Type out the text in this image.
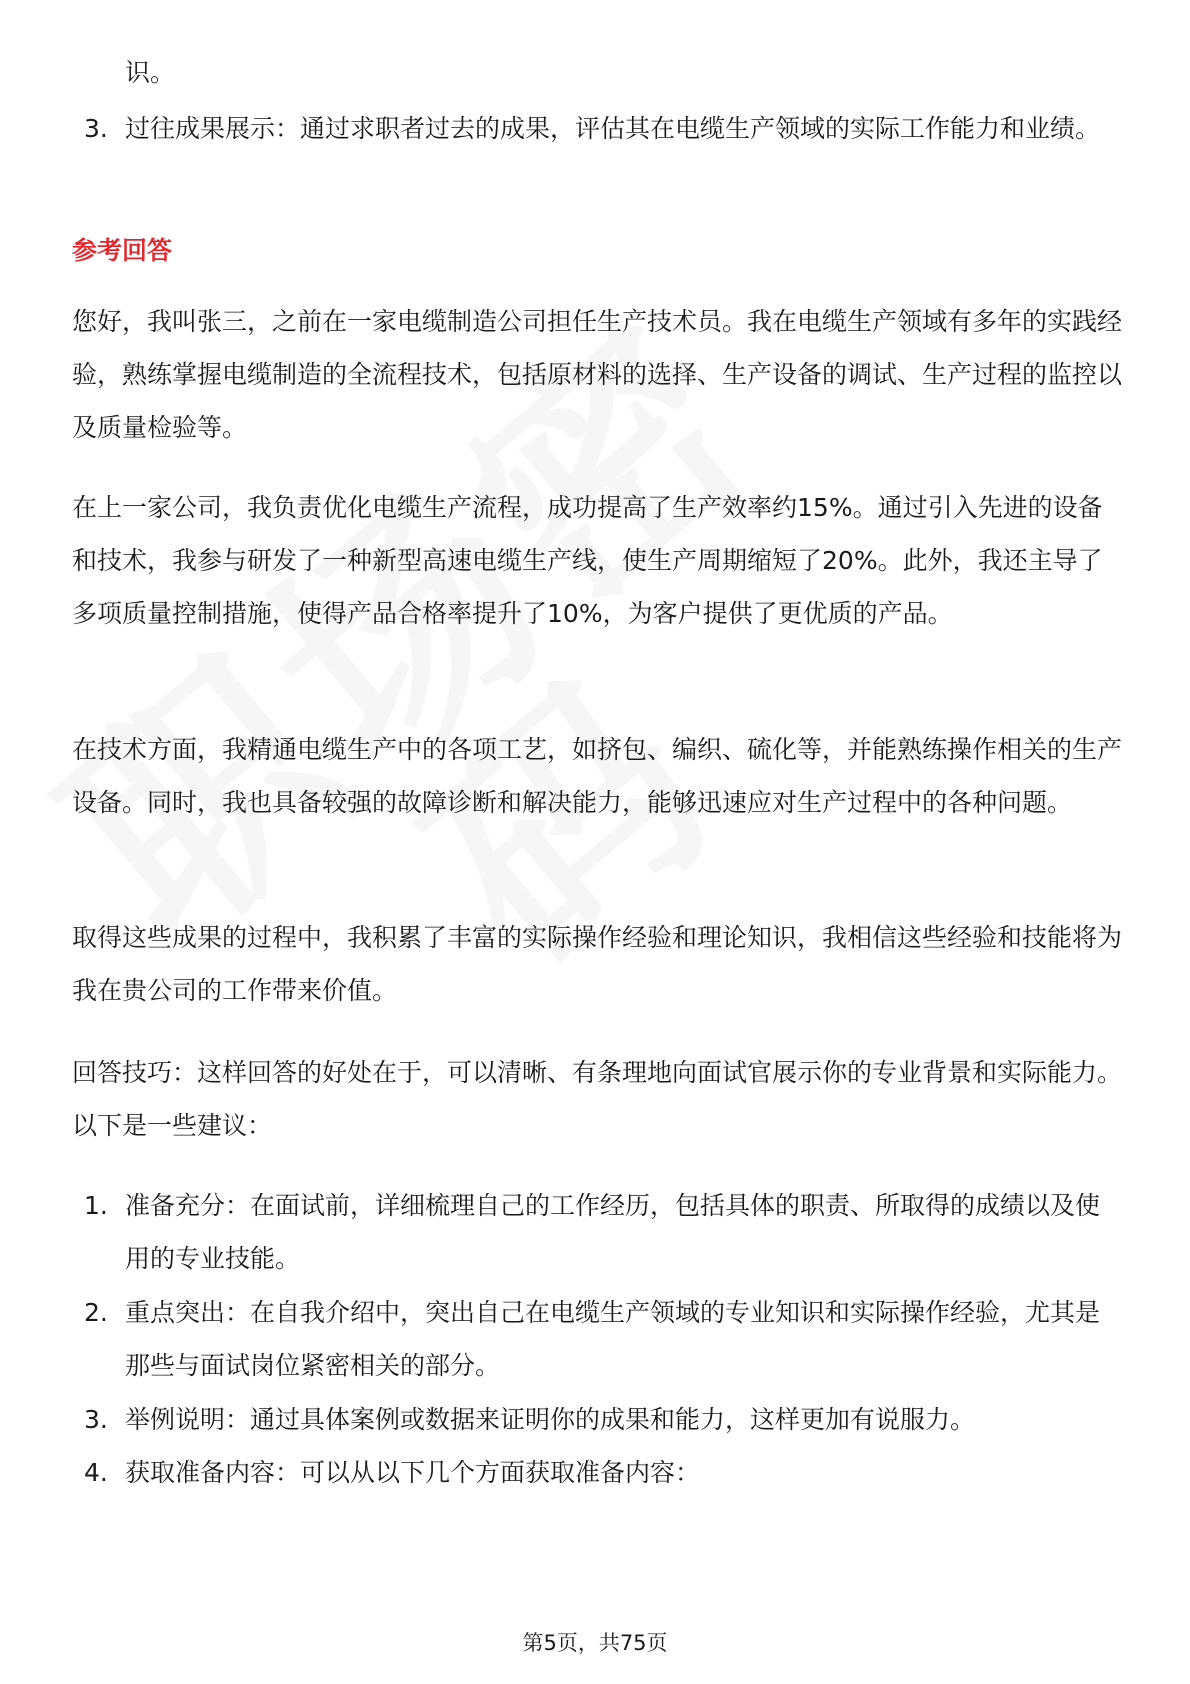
识。

3. 过往成果展示：通过求职者过去的成果，评估其在电缆生产领域的实际工作能力和业绩。

参考回答

您好，我叫张三，之前在一家电缆制造公司担任生产技术员。我在电缆生产领域有多年的实践经验，熟练掌握电缆制造的全流程技术，包括原材料的选择、生产设备的调试、生产过程的监控以及质量检验等。

在上一家公司，我负责优化电缆生产流程，成功提高了生产效率约15%。通过引入先进的设备和技术，我参与研发了一种新型高速电缆生产线，使生产周期缩短了20%。此外，我还主导了多项质量控制措施，使得产品合格率提升了10%，为客户提供了更优质的产品。

在技术方面，我精通电缆生产中的各项工艺，如挤包、编织、硫化等，并能熟练操作相关的生产设备。同时，我也具备较强的故障诊断和解决能力，能够迅速应对生产过程中的各种问题。

取得这些成果的过程中，我积累了丰富的实际操作经验和理论知识，我相信这些经验和技能将为我在贵公司的工作带来价值。

回答技巧：这样回答的好处在于，可以清晰、有条理地向面试官展示你的专业背景和实际能力。以下是一些建议：

1. 准备充分：在面试前，详细梳理自己的工作经历，包括具体的职责、所取得的成绩以及使用的专业技能。
2. 重点突出：在自我介绍中，突出自己在电缆生产领域的专业知识和实际操作经验，尤其是那些与面试岗位紧密相关的部分。
3. 举例说明：通过具体案例或数据来证明你的成果和能力，这样更加有说服力。
4. 获取准备内容：可以从以下几个方面获取准备内容：
第5页，共75页
